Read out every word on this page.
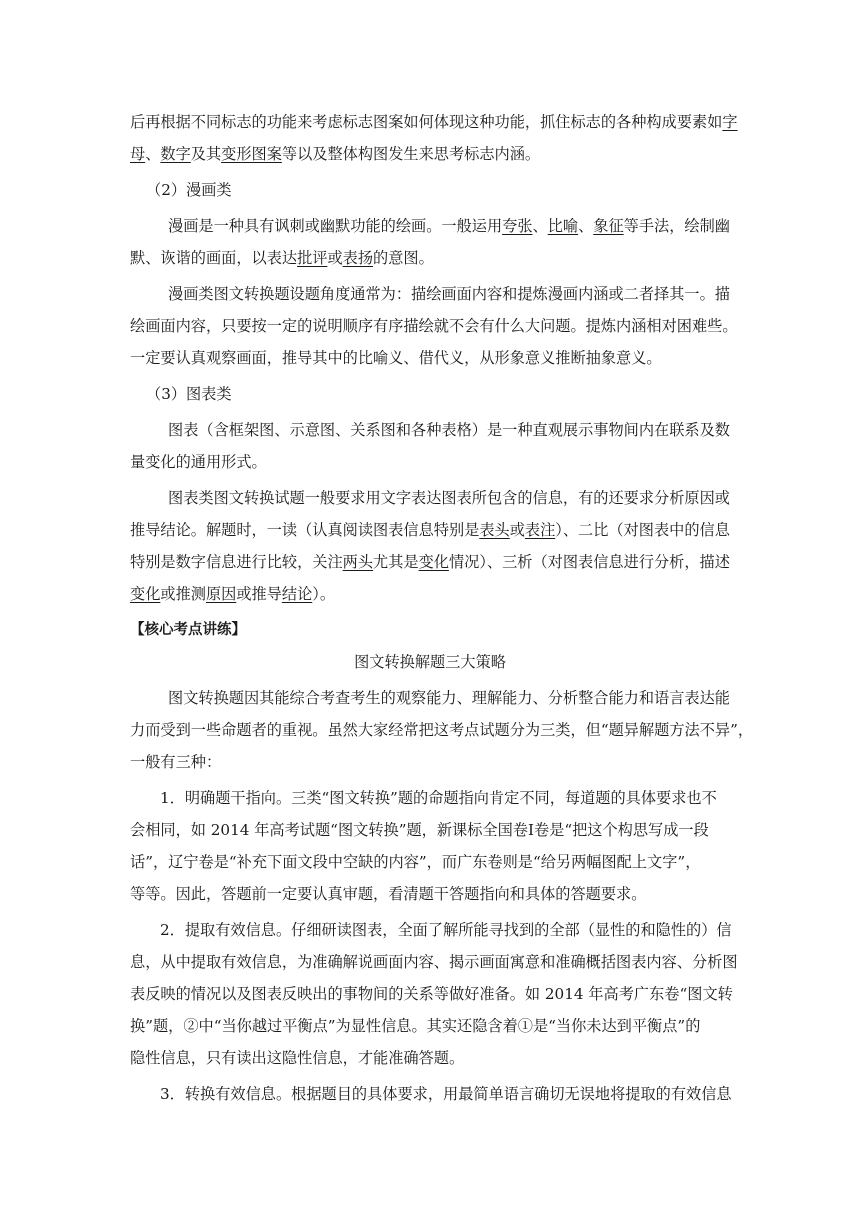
后再根据不同标志的功能来考虑标志图案如何体现这种功能，抓住标志的各种构成要素如字
母、数字及其变形图案等以及整体构图发生来思考标志内涵。
（2）漫画类
漫画是一种具有讽刺或幽默功能的绘画。一般运用夸张、比喻、象征等手法，绘制幽
默、诙谐的画面，以表达批评或表扬的意图。
漫画类图文转换题设题角度通常为：描绘画面内容和提炼漫画内涵或二者择其一。描
绘画面内容，只要按一定的说明顺序有序描绘就不会有什么大问题。提炼内涵相对困难些。
一定要认真观察画面，推导其中的比喻义、借代义，从形象意义推断抽象意义。
（3）图表类
图表（含框架图、示意图、关系图和各种表格）是一种直观展示事物间内在联系及数
量变化的通用形式。
图表类图文转换试题一般要求用文字表达图表所包含的信息，有的还要求分析原因或
推导结论。解题时，一读（认真阅读图表信息特别是表头或表注）、二比（对图表中的信息
特别是数字信息进行比较，关注两头尤其是变化情况）、三析（对图表信息进行分析，描述
变化或推测原因或推导结论）。
【核心考点讲练】
图文转换解题三大策略
图文转换题因其能综合考查考生的观察能力、理解能力、分析整合能力和语言表达能
力而受到一些命题者的重视。虽然大家经常把这考点试题分为三类，但“题异解题方法不异”，
一般有三种：
1．明确题干指向。三类“图文转换”题的命题指向肯定不同，每道题的具体要求也不
会相同，如 2014 年高考试题“图文转换”题，新课标全国卷Ⅰ卷是“把这个构思写成一段
话”，辽宁卷是“补充下面文段中空缺的内容”，而广东卷则是“给另两幅图配上文字”，
等等。因此，答题前一定要认真审题，看清题干答题指向和具体的答题要求。
2．提取有效信息。仔细研读图表，全面了解所能寻找到的全部（显性的和隐性的）信
息，从中提取有效信息，为准确解说画面内容、揭示画面寓意和准确概括图表内容、分析图
表反映的情况以及图表反映出的事物间的关系等做好准备。如 2014 年高考广东卷“图文转
换”题，②中“当你越过平衡点”为显性信息。其实还隐含着①是“当你未达到平衡点”的
隐性信息，只有读出这隐性信息，才能准确答题。
3．转换有效信息。根据题目的具体要求，用最简单语言确切无误地将提取的有效信息
